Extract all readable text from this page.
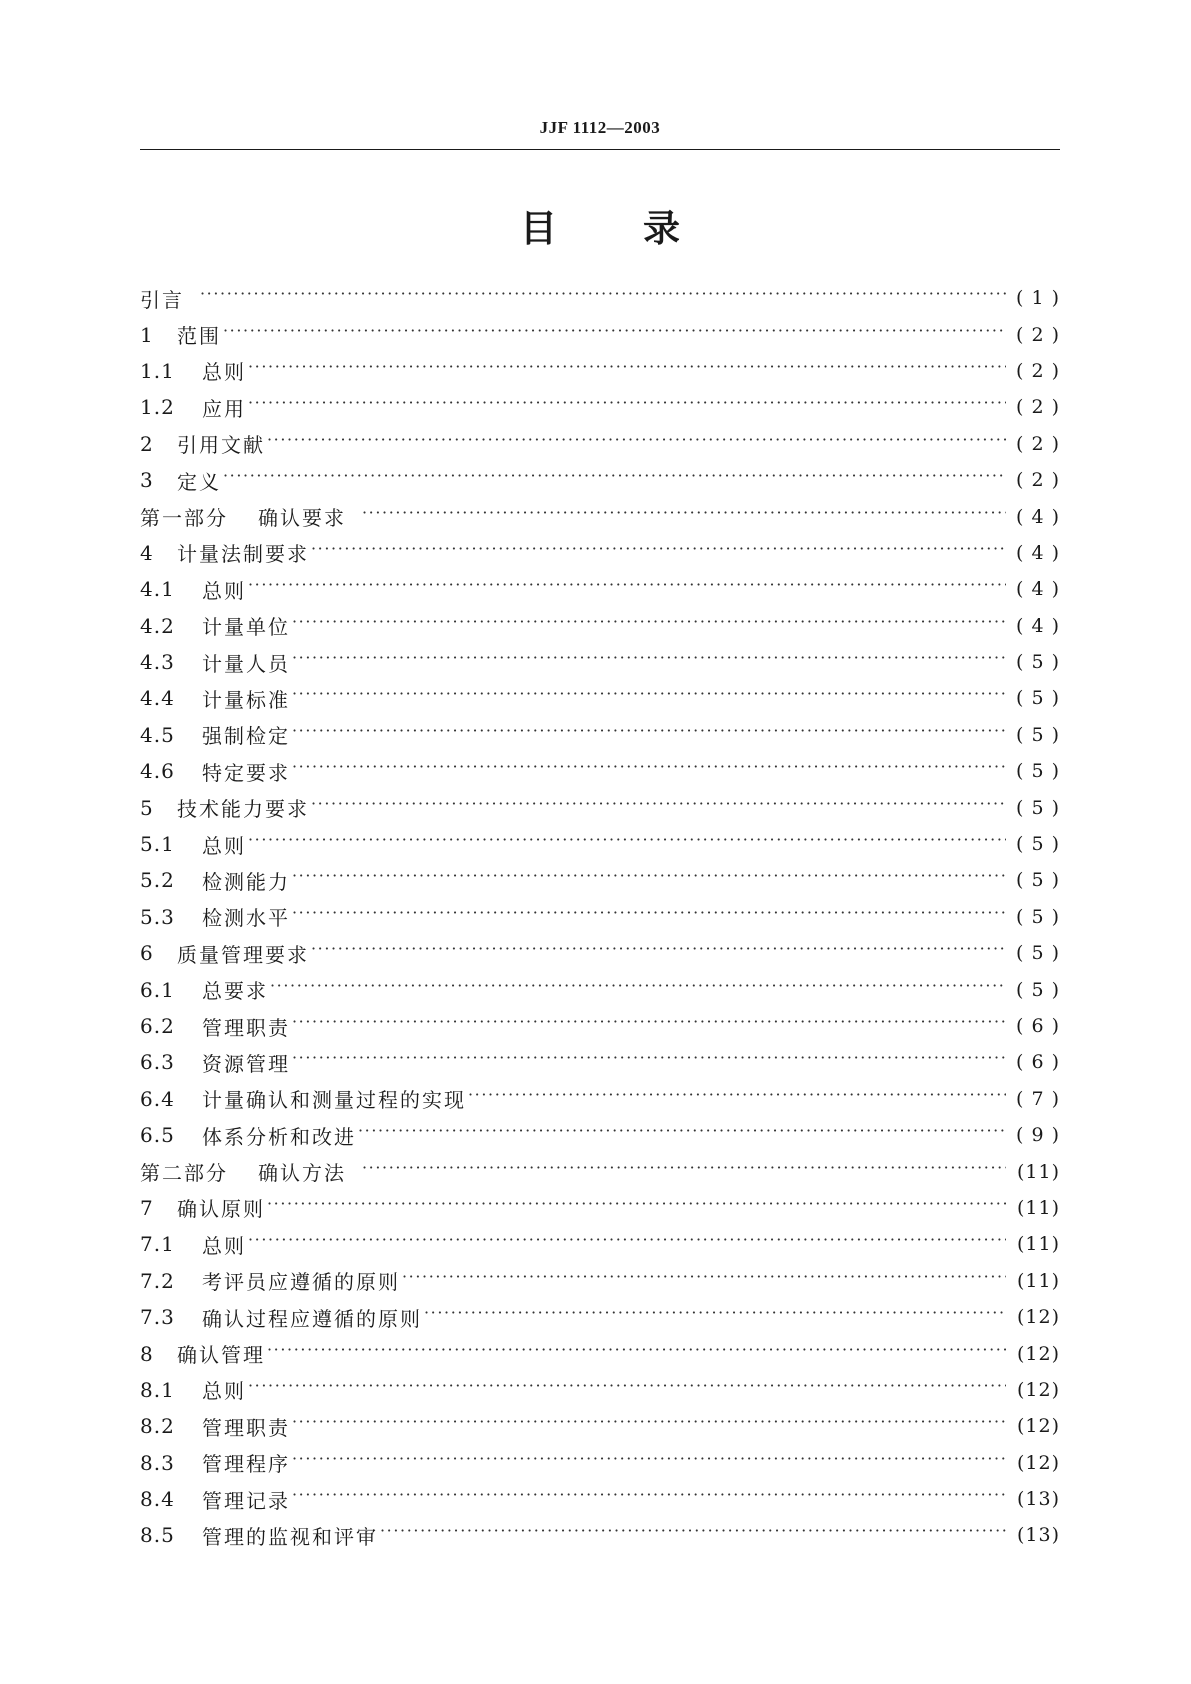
JJF 1112—2003
目 录
引言 ·····	( 1 )
1	范围 ·····	( 2 )
1.1	总则 ·····	( 2 )
1.2	应用 ·····	( 2 )
2	引用文献 ·····	( 2 )
3	定义 ·····	( 2 )
第一部分 确认要求 ·····	( 4 )
4	计量法制要求 ·····	( 4 )
4.1	总则 ·····	( 4 )
4.2	计量单位 ·····	( 4 )
4.3	计量人员 ·····	( 5 )
4.4	计量标准 ·····	( 5 )
4.5	强制检定 ·····	( 5 )
4.6	特定要求 ·····	( 5 )
5	技术能力要求 ·····	( 5 )
5.1	总则 ·····	( 5 )
5.2	检测能力 ·····	( 5 )
5.3	检测水平 ·····	( 5 )
6	质量管理要求 ·····	( 5 )
6.1	总要求 ·····	( 5 )
6.2	管理职责 ·····	( 6 )
6.3	资源管理 ·····	( 6 )
6.4	计量确认和测量过程的实现 ·····	( 7 )
6.5	体系分析和改进 ·····	( 9 )
第二部分 确认方法 ·····	(11)
7	确认原则 ·····	(11)
7.1	总则 ·····	(11)
7.2	考评员应遵循的原则 ·····	(11)
7.3	确认过程应遵循的原则 ·····	(12)
8	确认管理 ·····	(12)
8.1	总则 ·····	(12)
8.2	管理职责 ·····	(12)
8.3	管理程序 ·····	(12)
8.4	管理记录 ·····	(13)
8.5	管理的监视和评审 ·····	(13)
